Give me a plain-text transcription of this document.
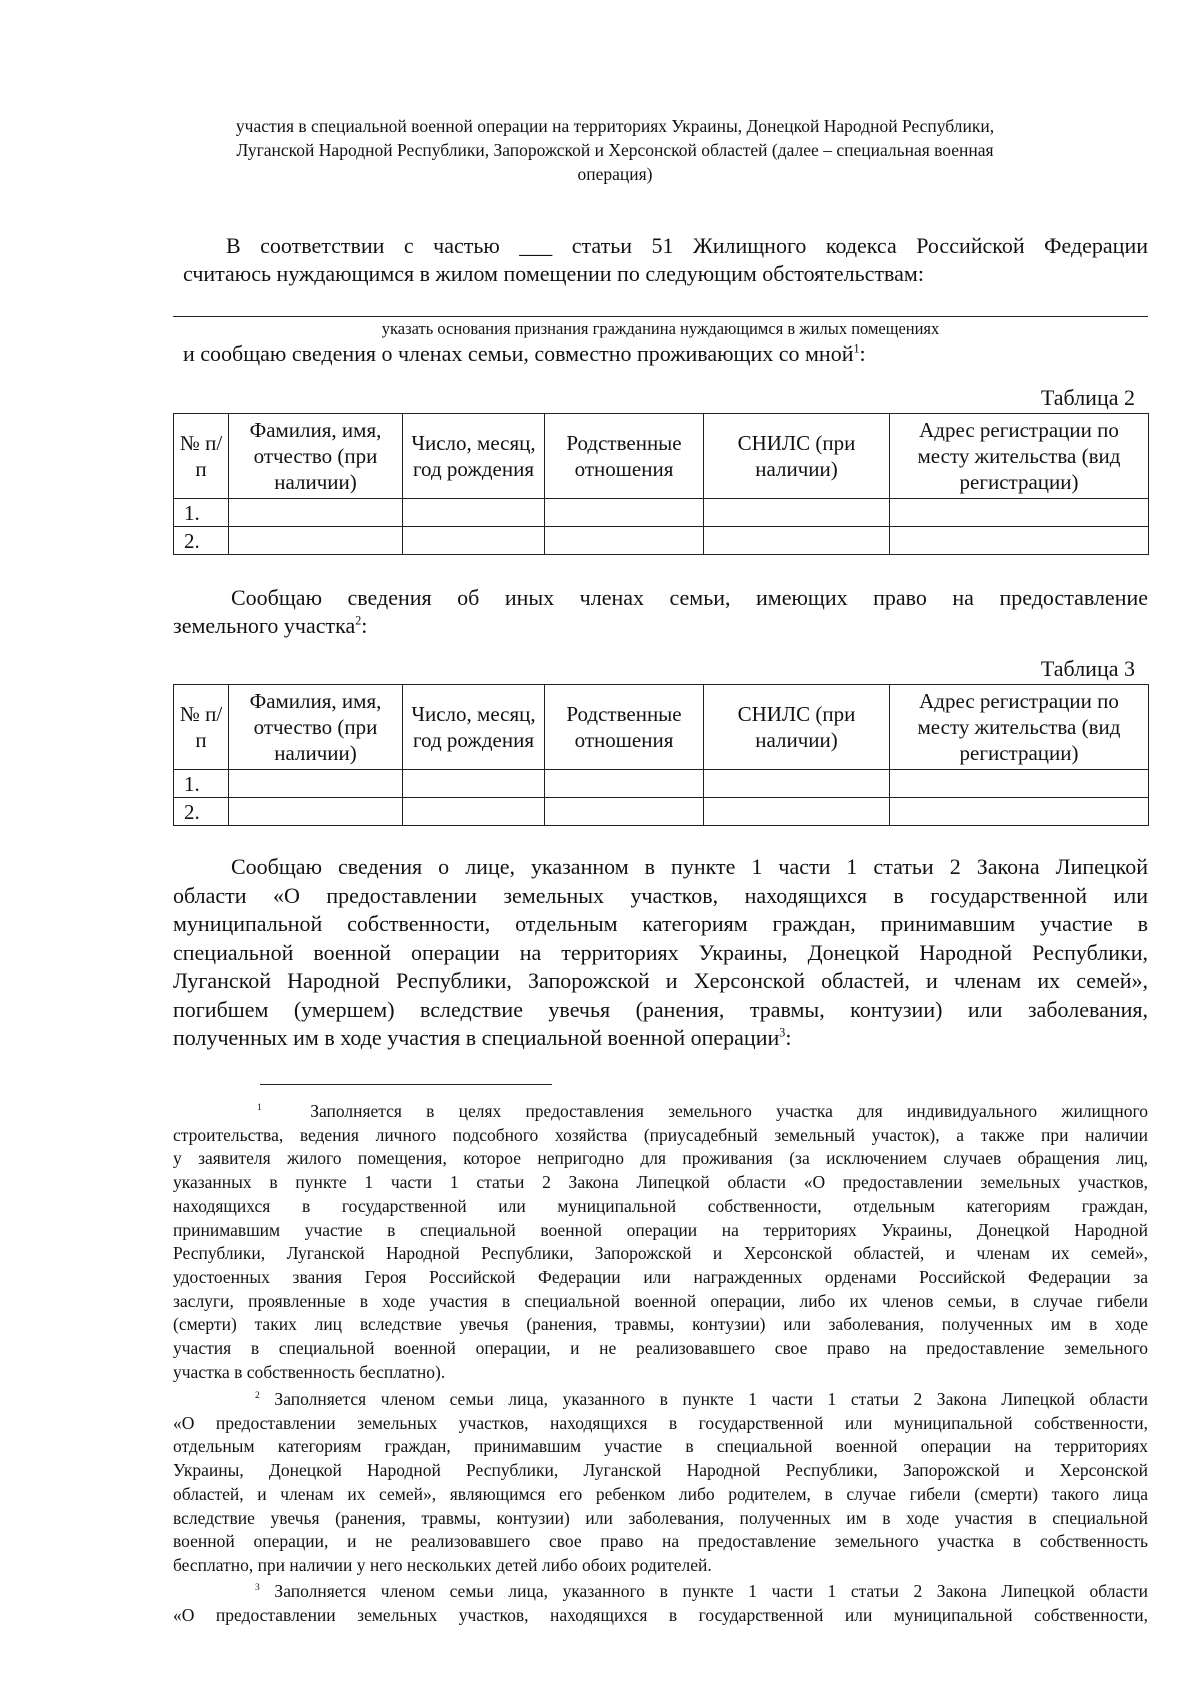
участия в специальной военной операции на территориях Украины, Донецкой Народной Республики,
Луганской Народной Республики, Запорожской и Херсонской областей (далее – специальная военная
операция)
В соответствии с частью ___ статьи 51 Жилищного кодекса Российской Федерации
считаюсь нуждающимся в жилом помещении по следующим обстоятельствам:
указать основания признания гражданина нуждающимся в жилых помещениях
и сообщаю сведения о членах семьи, совместно проживающих со мной$^1$:
Таблица 2
№ п/п	Фамилия, имя, отчество (при наличии)	Число, месяц, год рождения	Родственные отношения	СНИЛС (при наличии)	Адрес регистрации по месту жительства (вид регистрации)
1.					
2.					
Сообщаю сведения об иных членах семьи, имеющих право на предоставление
земельного участка$^2$:
Таблица 3
№ п/п	Фамилия, имя, отчество (при наличии)	Число, месяц, год рождения	Родственные отношения	СНИЛС (при наличии)	Адрес регистрации по месту жительства (вид регистрации)
1.					
2.					
Сообщаю сведения о лице, указанном в пункте 1 части 1 статьи 2 Закона Липецкой
области «О предоставлении земельных участков, находящихся в государственной или
муниципальной собственности, отдельным категориям граждан, принимавшим участие в
специальной военной операции на территориях Украины, Донецкой Народной Республики,
Луганской Народной Республики, Запорожской и Херсонской областей, и членам их семей»,
погибшем (умершем) вследствие увечья (ранения, травмы, контузии) или заболевания,
полученных им в ходе участия в специальной военной операции$^3$:
$^1$	Заполняется в целях предоставления земельного участка для индивидуального жилищного
строительства, ведения личного подсобного хозяйства (приусадебный земельный участок), а также при наличии
у заявителя жилого помещения, которое непригодно для проживания (за исключением случаев обращения лиц,
указанных в пункте 1 части 1 статьи 2 Закона Липецкой области «О предоставлении земельных участков,
находящихся в государственной или муниципальной собственности, отдельным категориям граждан,
принимавшим участие в специальной военной операции на территориях Украины, Донецкой Народной
Республики, Луганской Народной Республики, Запорожской и Херсонской областей, и членам их семей»,
удостоенных звания Героя Российской Федерации или награжденных орденами Российской Федерации за
заслуги, проявленные в ходе участия в специальной военной операции, либо их членов семьи, в случае гибели
(смерти) таких лиц вследствие увечья (ранения, травмы, контузии) или заболевания, полученных им в ходе
участия в специальной военной операции, и не реализовавшего свое право на предоставление земельного
участка в собственность бесплатно).
$^2$ Заполняется членом семьи лица, указанного в пункте 1 части 1 статьи 2 Закона Липецкой области
«О предоставлении земельных участков, находящихся в государственной или муниципальной собственности,
отдельным категориям граждан, принимавшим участие в специальной военной операции на территориях
Украины, Донецкой Народной Республики, Луганской Народной Республики, Запорожской и Херсонской
областей, и членам их семей», являющимся его ребенком либо родителем, в случае гибели (смерти) такого лица
вследствие увечья (ранения, травмы, контузии) или заболевания, полученных им в ходе участия в специальной
военной операции, и не реализовавшего свое право на предоставление земельного участка в собственность
бесплатно, при наличии у него нескольких детей либо обоих родителей.
$^3$ Заполняется членом семьи лица, указанного в пункте 1 части 1 статьи 2 Закона Липецкой области
«О предоставлении земельных участков, находящихся в государственной или муниципальной собственности,
